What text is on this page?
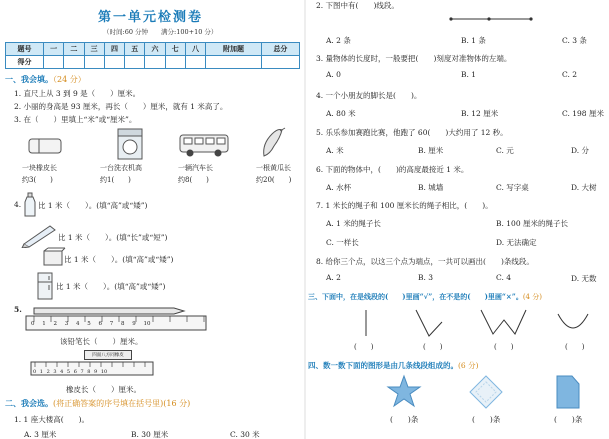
第一单元检测卷
（时间:60 分钟　　满分:100+10 分）
题号	一	二	三	四	五	六	七	八	附加题	总分
得分										
一、我会填。（24 分）
1. 直尺上从 3 到 9 是（　　）厘米。
2. 小丽的身高是 93 厘米，再长（　　）厘米，就有 1 米高了。
3. 在（　　）里填上“米”或“厘米”。
一块橡皮长
约3(　　)
一台洗衣机高
约1(　　)
一辆汽车长
约8(　　)
一根黄瓜长
约20(　　)
4. 比 1 米（　　）。(填“高”或“矮”)
比 1 米（　　）。(填“长”或“短”)
比 1 米（　　）。(填“高”或“矮”)
比 1 米（　　）。(填“高”或“矮”)
5.
0 1 2 3 4 5 6 7 8 9 10
该铅笔长（　　）厘米。
四面八方同橡皮
0 1 2 3 4 5 6 7 8 9 10
橡皮长（　　）厘米。
二、我会选。(将正确答案的序号填在括号里)(16 分)
1. 1 座大楼高(　　)。
A. 3 厘米	B. 30 厘米	C. 30 米
2. 下图中有(　　)线段。
A. 2 条	B. 1 条	C. 3 条
3. 量物体的长度时，一般要把(　　)刻度对准物体的左端。
A. 0	B. 1	C. 2
4. 一个小朋友的脚长是(　　)。
A. 80 米	B. 12 厘米	C. 198 厘米
5. 乐乐参加赛跑比赛，他跑了 60(　　)大约用了 12 秒。
A. 米	B. 厘米	C. 元	D. 分
6. 下面的物体中，(　　)的高度最接近 1 米。
A. 水杯	B. 城墙	C. 写字桌	D. 大树
7. 1 米长的绳子和 100 厘米长的绳子相比，(　　)。
A. 1 米的绳子长	B. 100 厘米的绳子长
C. 一样长	D. 无法确定
8. 给你三个点，以这三个点为端点，一共可以画出(　　)条线段。
A. 2	B. 3	C. 4	D. 无数
三、下面中，在是线段的(　　)里画“√”，在不是的(　　)里画“×”。(4 分)
(　　)	(　　)	(　　)	(　　)
四、数一数下面的图形是由几条线段组成的。(6 分)
(　　)条	(　　)条	(　　)条
